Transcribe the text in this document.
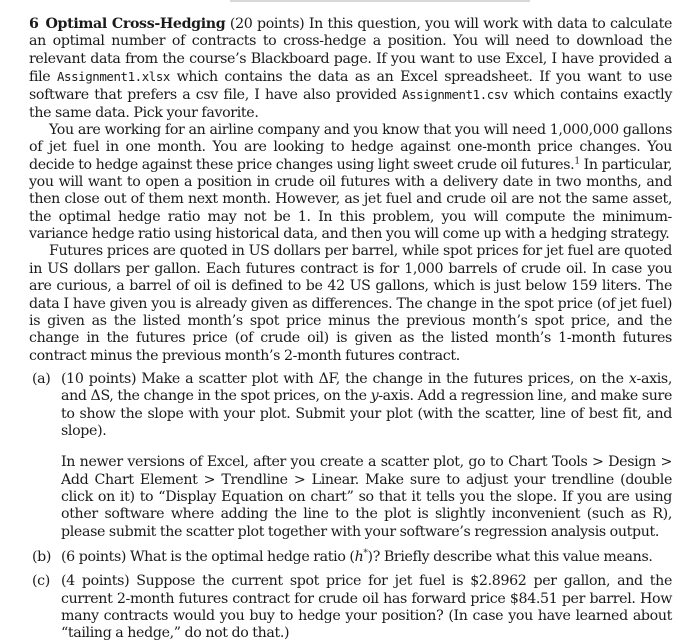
6 Optimal Cross-Hedging (20 points) In this question, you will work with data to calculate an optimal number of contracts to cross-hedge a position. You will need to download the relevant data from the course’s Blackboard page. If you want to use Excel, I have provided a file Assignment1.xlsx which contains the data as an Excel spreadsheet. If you want to use software that prefers a csv file, I have also provided Assignment1.csv which contains exactly the same data. Pick your favorite.

You are working for an airline company and you know that you will need 1,000,000 gallons of jet fuel in one month. You are looking to hedge against one-month price changes. You decide to hedge against these price changes using light sweet crude oil futures.$^1$ In particular, you will want to open a position in crude oil futures with a delivery date in two months, and then close out of them next month. However, as jet fuel and crude oil are not the same asset, the optimal hedge ratio may not be 1. In this problem, you will compute the minimum-variance hedge ratio using historical data, and then you will come up with a hedging strategy.

Futures prices are quoted in US dollars per barrel, while spot prices for jet fuel are quoted in US dollars per gallon. Each futures contract is for 1,000 barrels of crude oil. In case you are curious, a barrel of oil is defined to be 42 US gallons, which is just below 159 liters. The data I have given you is already given as differences. The change in the spot price (of jet fuel) is given as the listed month’s spot price minus the previous month’s spot price, and the change in the futures price (of crude oil) is given as the listed month’s 1-month futures contract minus the previous month’s 2-month futures contract.

(a) (10 points) Make a scatter plot with ΔF, the change in the futures prices, on the x-axis, and ΔS, the change in the spot prices, on the y-axis. Add a regression line, and make sure to show the slope with your plot. Submit your plot (with the scatter, line of best fit, and slope).
In newer versions of Excel, after you create a scatter plot, go to Chart Tools > Design > Add Chart Element > Trendline > Linear. Make sure to adjust your trendline (double click on it) to “Display Equation on chart” so that it tells you the slope. If you are using other software where adding the line to the plot is slightly inconvenient (such as R), please submit the scatter plot together with your software’s regression analysis output.
(b) (6 points) What is the optimal hedge ratio (h*)? Briefly describe what this value means.
(c) (4 points) Suppose the current spot price for jet fuel is $2.8962 per gallon, and the current 2-month futures contract for crude oil has forward price $84.51 per barrel. How many contracts would you buy to hedge your position? (In case you have learned about “tailing a hedge,” do not do that.)
